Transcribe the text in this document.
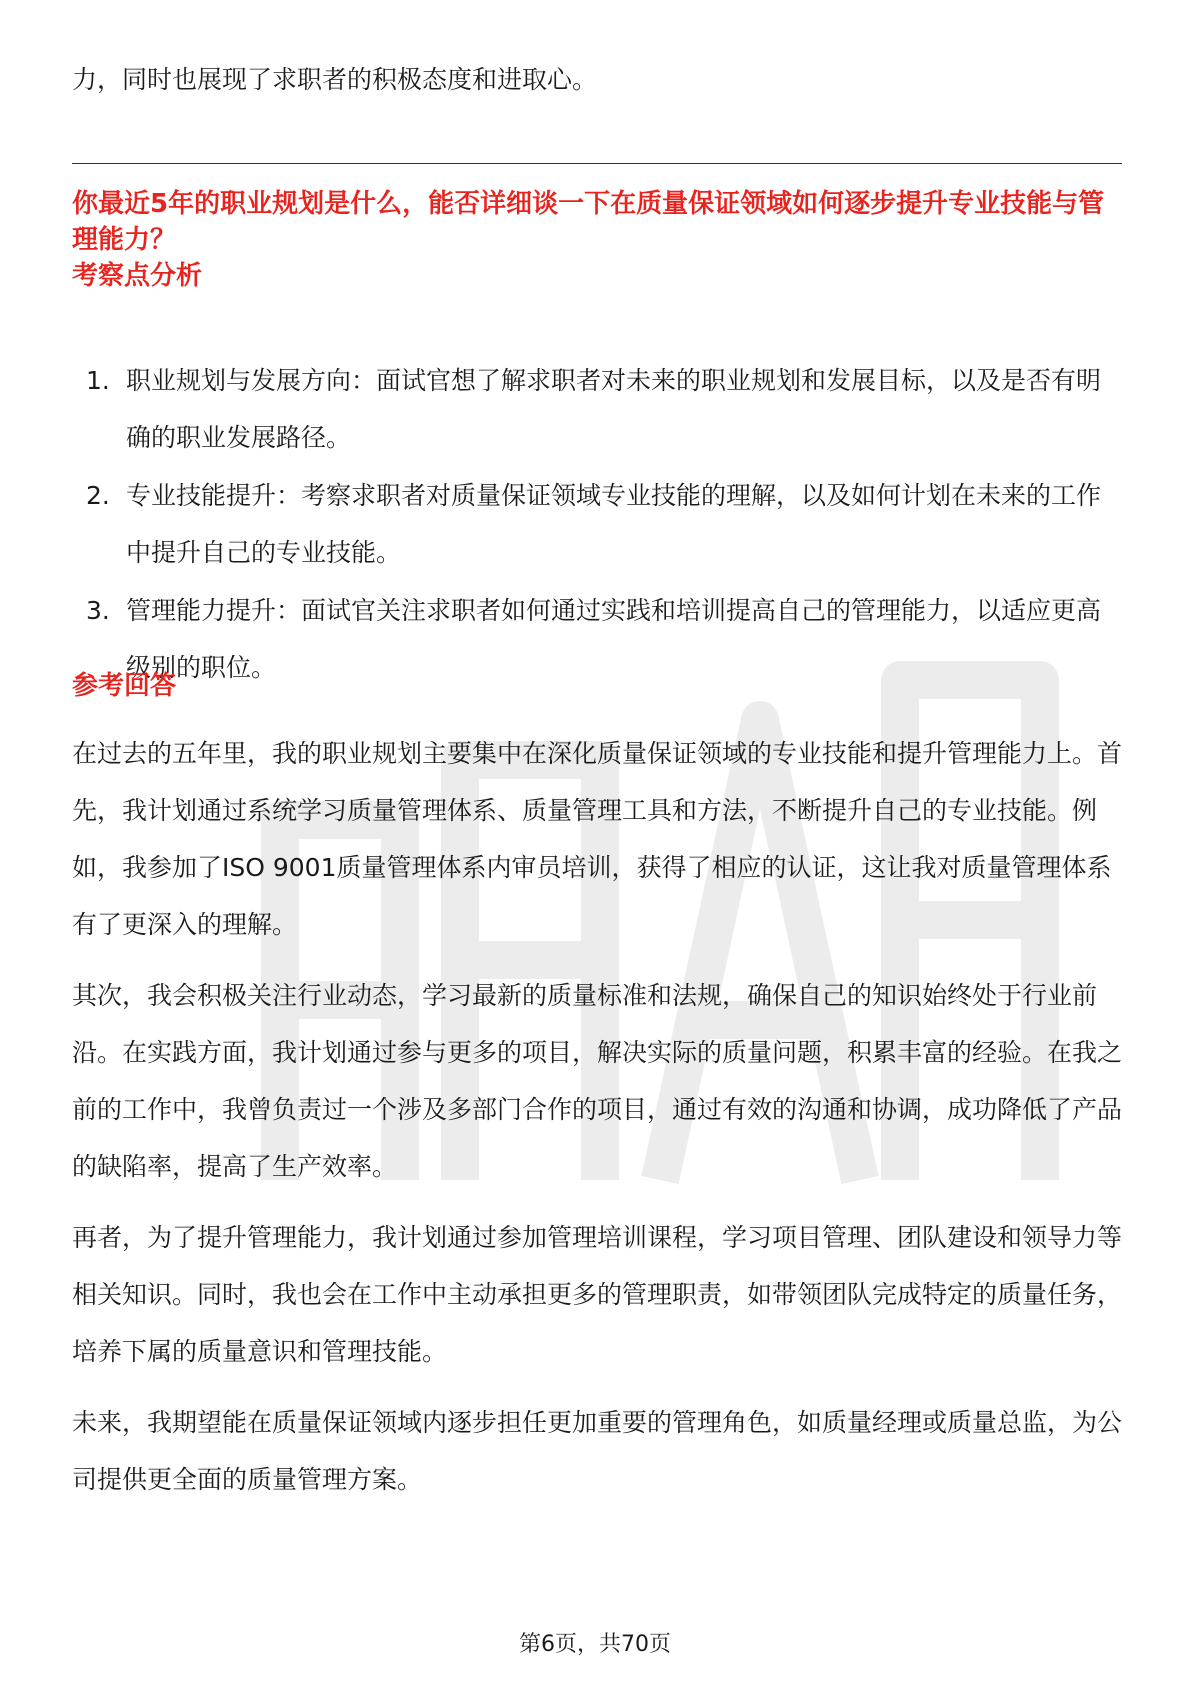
力，同时也展现了求职者的积极态度和进取心。

你最近5年的职业规划是什么，能否详细谈一下在质量保证领域如何逐步提升专业技能与管理能力？

考察点分析

1. 职业规划与发展方向：面试官想了解求职者对未来的职业规划和发展目标，以及是否有明确的职业发展路径。
2. 专业技能提升：考察求职者对质量保证领域专业技能的理解，以及如何计划在未来的工作中提升自己的专业技能。
3. 管理能力提升：面试官关注求职者如何通过实践和培训提高自己的管理能力，以适应更高级别的职位。

参考回答

在过去的五年里，我的职业规划主要集中在深化质量保证领域的专业技能和提升管理能力上。首先，我计划通过系统学习质量管理体系、质量管理工具和方法，不断提升自己的专业技能。例如，我参加了ISO 9001质量管理体系内审员培训，获得了相应的认证，这让我对质量管理体系有了更深入的理解。

其次，我会积极关注行业动态，学习最新的质量标准和法规，确保自己的知识始终处于行业前沿。在实践方面，我计划通过参与更多的项目，解决实际的质量问题，积累丰富的经验。在我之前的工作中，我曾负责过一个涉及多部门合作的项目，通过有效的沟通和协调，成功降低了产品的缺陷率，提高了生产效率。

再者，为了提升管理能力，我计划通过参加管理培训课程，学习项目管理、团队建设和领导力等相关知识。同时，我也会在工作中主动承担更多的管理职责，如带领团队完成特定的质量任务，培养下属的质量意识和管理技能。

未来，我期望能在质量保证领域内逐步担任更加重要的管理角色，如质量经理或质量总监，为公司提供更全面的质量管理方案。

第6页，共70页
